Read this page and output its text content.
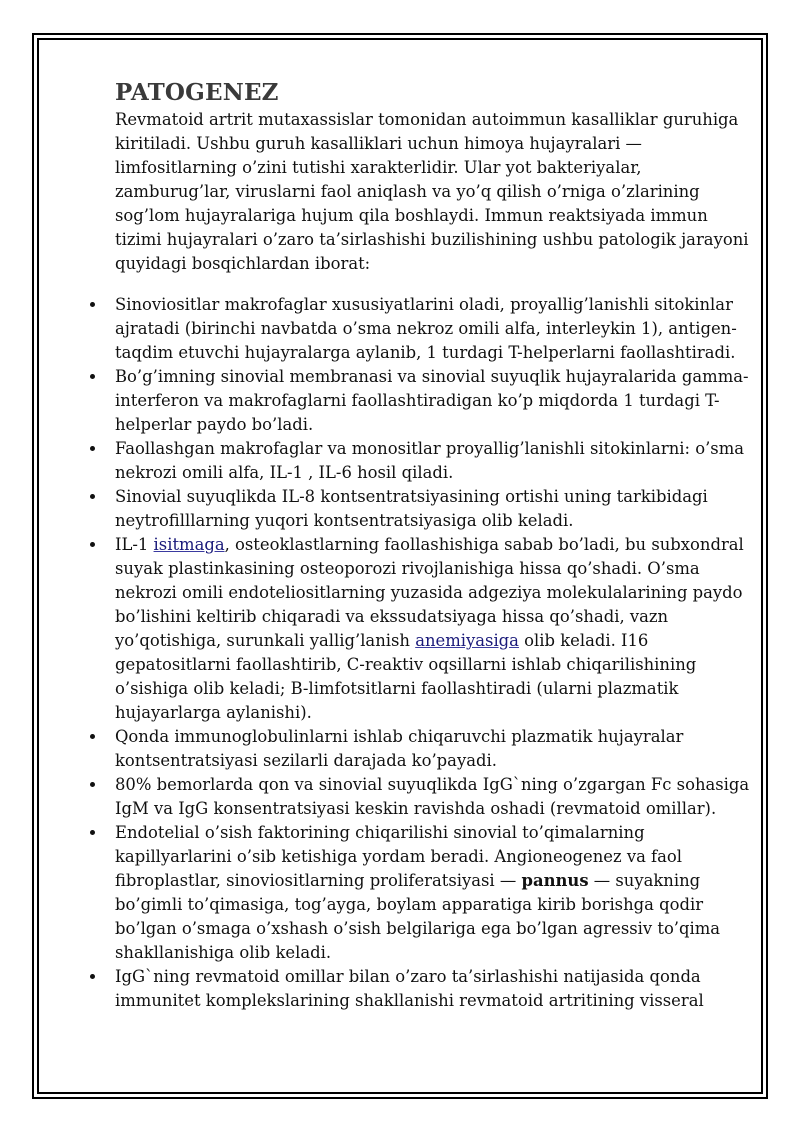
PATOGENEZ

Revmatoid artrit mutaxassislar tomonidan autoimmun kasalliklar guruhiga kiritiladi. Ushbu guruh kasalliklari uchun himoya hujayralari — limfositlarning o’zini tutishi xarakterlidir. Ular yot bakteriyalar, zamburug’lar, viruslarni faol aniqlash va yo’q qilish o’rniga o’zlarining sog’lom hujayralariga hujum qila boshlaydi. Immun reaktsiyada immun tizimi hujayralari o’zaro ta’sirlashishi buzilishining ushbu patologik jarayoni quyidagi bosqichlardan iborat:

Sinoviositlar makrofaglar xususiyatlarini oladi, proyallig’lanishli sitokinlar ajratadi (birinchi navbatda o’sma nekroz omili alfa, interleykin 1), antigen-taqdim etuvchi hujayralarga aylanib, 1 turdagi T-helperlarni faollashtiradi.
Bo’g’imning sinovial membranasi va sinovial suyuqlik hujayralarida gamma- interferon va makrofaglarni faollashtiradigan ko’p miqdorda 1 turdagi T-helperlar paydo bo’ladi.
Faollashgan makrofaglar va monositlar proyallig’lanishli sitokinlarni: o’sma nekrozi omili alfa, IL-1 , IL-6 hosil qiladi.
Sinovial suyuqlikda IL-8 kontsentratsiyasining ortishi uning tarkibidagi neytrofilllarning yuqori kontsentratsiyasiga olib keladi.
IL-1 isitmaga, osteoklastlarning faollashishiga sabab bo’ladi, bu subxondral suyak plastinkasining osteoporozi rivojlanishiga hissa qo’shadi. O’sma nekrozi omili endoteliositlarning yuzasida adgeziya molekulalarining paydo bo’lishini keltirib chiqaradi va ekssudatsiyaga hissa qo’shadi, vazn yo’qotishiga, surunkali yallig’lanish anemiyasiga olib keladi. I16 gepatositlarni faollashtirib, C-reaktiv oqsillarni ishlab chiqarilishining o’sishiga olib keladi; B-limfotsitlarni faollashtiradi (ularni plazmatik hujayarlarga aylanishi).
Qonda immunoglobulinlarni ishlab chiqaruvchi plazmatik hujayralar kontsentratsiyasi sezilarli darajada ko’payadi.
80% bemorlarda qon va sinovial suyuqlikda IgG`ning o’zgargan Fc sohasiga IgM va IgG konsentratsiyasi keskin ravishda oshadi (revmatoid omillar).
Endotelial o’sish faktorining chiqarilishi sinovial to’qimalarning kapillyarlarini o’sib ketishiga yordam beradi. Angioneogenez va faol fibroplastlar, sinoviositlarning proliferatsiyasi — pannus — suyakning bo’gimli to’qimasiga, tog’ayga, boylam apparatiga kirib borishga qodir bo’lgan o’smaga o’xshash o’sish belgilariga ega bo’lgan agressiv to’qima shakllanishiga olib keladi.
IgG`ning revmatoid omillar bilan o’zaro ta’sirlashishi natijasida qonda immunitet komplekslarining shakllanishi revmatoid artritining visseral
